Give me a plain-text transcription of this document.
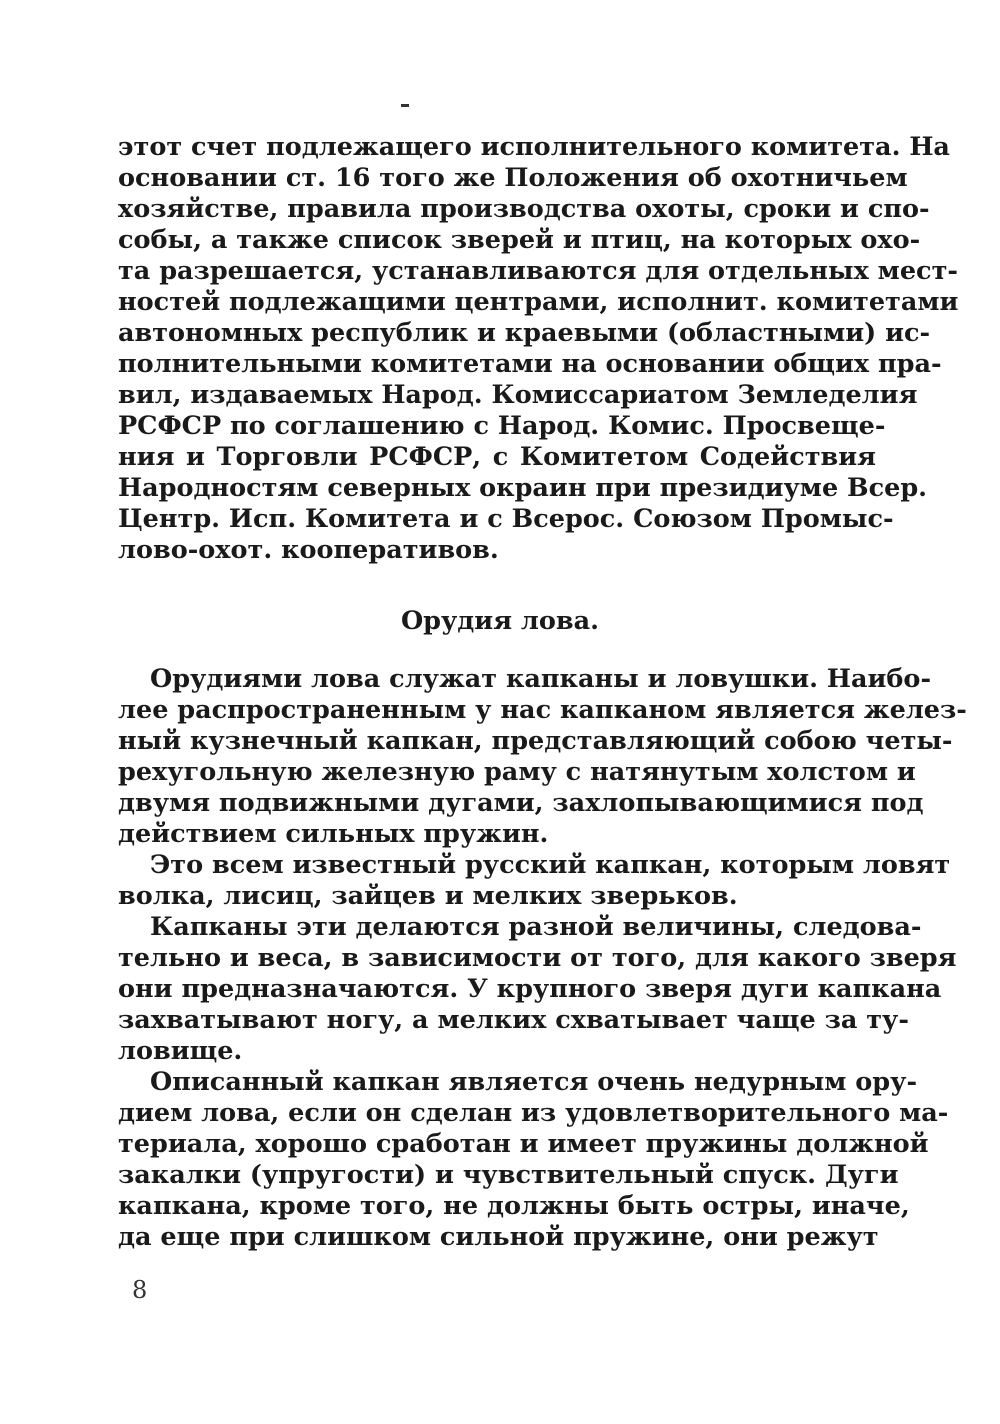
этот счет подлежащего исполнительного комитета. На
основании ст. 16 того же Положения об охотничьем
хозяйстве, правила производства охоты, сроки и спо-
собы, а также список зверей и птиц, на которых охо-
та разрешается, устанавливаются для отдельных мест-
ностей подлежащими центрами, исполнит. комитетами
автономных республик и краевыми (областными) ис-
полнительными комитетами на основании общих пра-
вил, издаваемых Народ. Комиссариатом Земледелия
РСФСР по соглашению с Народ. Комис. Просвеще-
ния и Торговли РСФСР, с Комитетом Содействия
Народностям северных окраин при президиуме Всер.
Центр. Исп. Комитета и с Всерос. Союзом Промыс-
лово-охот. кооперативов.
Орудия лова.
Орудиями лова служат капканы и ловушки. Наибо-
лее распространенным у нас капканом является желез-
ный кузнечный капкан, представляющий собою четы-
рехугольную железную раму с натянутым холстом и
двумя подвижными дугами, захлопывающимися под
действием сильных пружин.
Это всем известный русский капкан, которым ловят
волка, лисиц, зайцев и мелких зверьков.
Капканы эти делаются разной величины, следова-
тельно и веса, в зависимости от того, для какого зверя
они предназначаются. У крупного зверя дуги капкана
захватывают ногу, а мелких схватывает чаще за ту-
ловище.
Описанный капкан является очень недурным ору-
дием лова, если он сделан из удовлетворительного ма-
териала, хорошо сработан и имеет пружины должной
закалки (упругости) и чувствительный спуск. Дуги
капкана, кроме того, не должны быть остры, иначе,
да еще при слишком сильной пружине, они режут
8
